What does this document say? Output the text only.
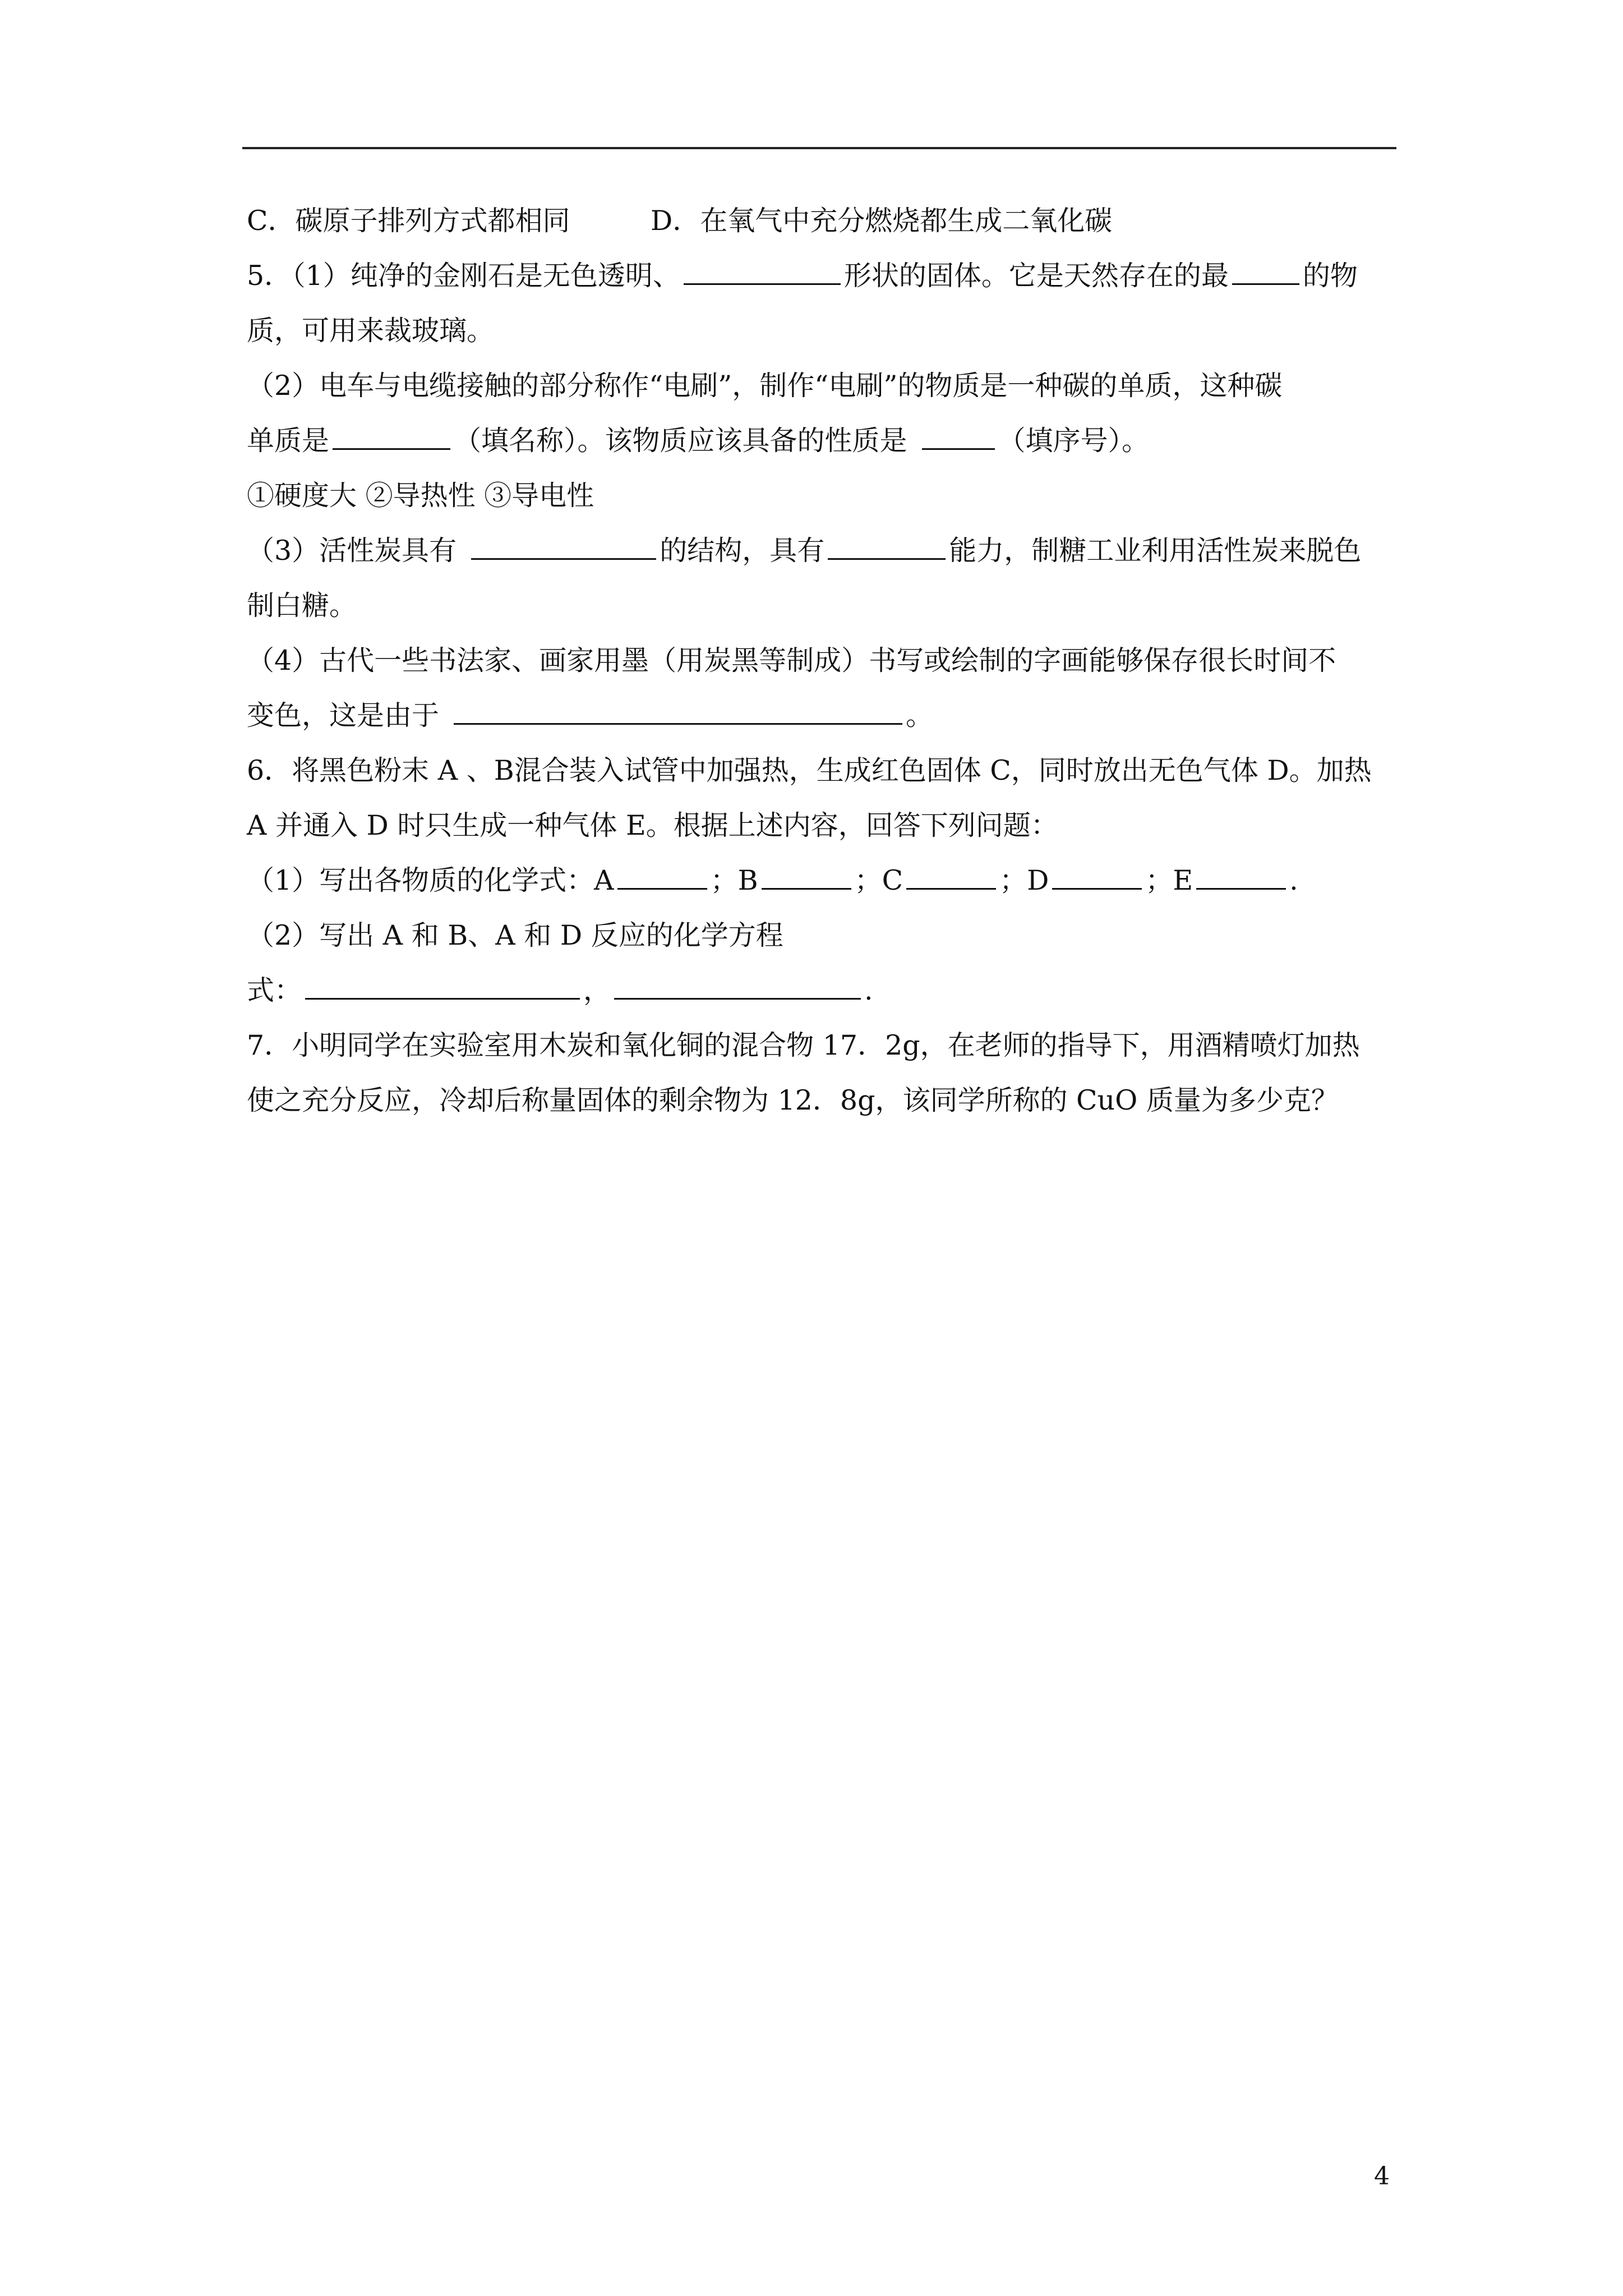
C．碳原子排列方式都相同	D．在氧气中充分燃烧都生成二氧化碳
5．（1）纯净的金刚石是无色透明、	形状的固体。它是天然存在的最	的物
质，可用来裁玻璃。
（2）电车与电缆接触的部分称作“电刷”，制作“电刷”的物质是一种碳的单质，这种碳
单质是	（填名称）。该物质应该具备的性质是	（填序号）。
①硬度大 ②导热性 ③导电性
（3）活性炭具有	的结构，具有	能力，制糖工业利用活性炭来脱色
制白糖。
（4）古代一些书法家、画家用墨（用炭黑等制成）书写或绘制的字画能够保存很长时间不
变色，这是由于	。
6．将黑色粉末 A 、B混合装入试管中加强热，生成红色固体 C，同时放出无色气体 D。加热
A 并通入 D 时只生成一种气体 E。根据上述内容，回答下列问题：
（1）写出各物质的化学式：A	；B	；C	；D	；E	.
（2）写出 A 和 B、A 和 D 反应的化学方程
式：	，	.
7．小明同学在实验室用木炭和氧化铜的混合物 17．2g，在老师的指导下，用酒精喷灯加热
使之充分反应，冷却后称量固体的剩余物为 12．8g，该同学所称的 CuO 质量为多少克？
4
